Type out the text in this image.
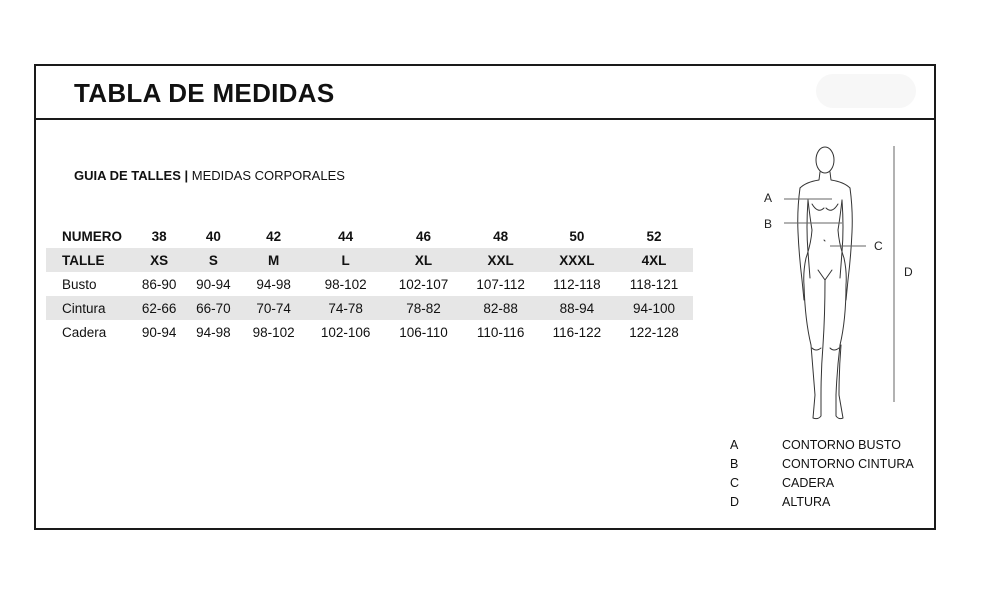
TABLA DE MEDIDAS
GUIA DE TALLES | MEDIDAS CORPORALES
NUMERO	38	40	42	44	46	48	50	52
TALLE	XS	S	M	L	XL	XXL	XXXL	4XL
Busto	86-90	90-94	94-98	98-102	102-107	107-112	112-118	118-121
Cintura	62-66	66-70	70-74	74-78	78-82	82-88	88-94	94-100
Cadera	90-94	94-98	98-102	102-106	106-110	110-116	116-122	122-128
A
B
C
D
A	CONTORNO BUSTO
B	CONTORNO CINTURA
C	CADERA
D	ALTURA
